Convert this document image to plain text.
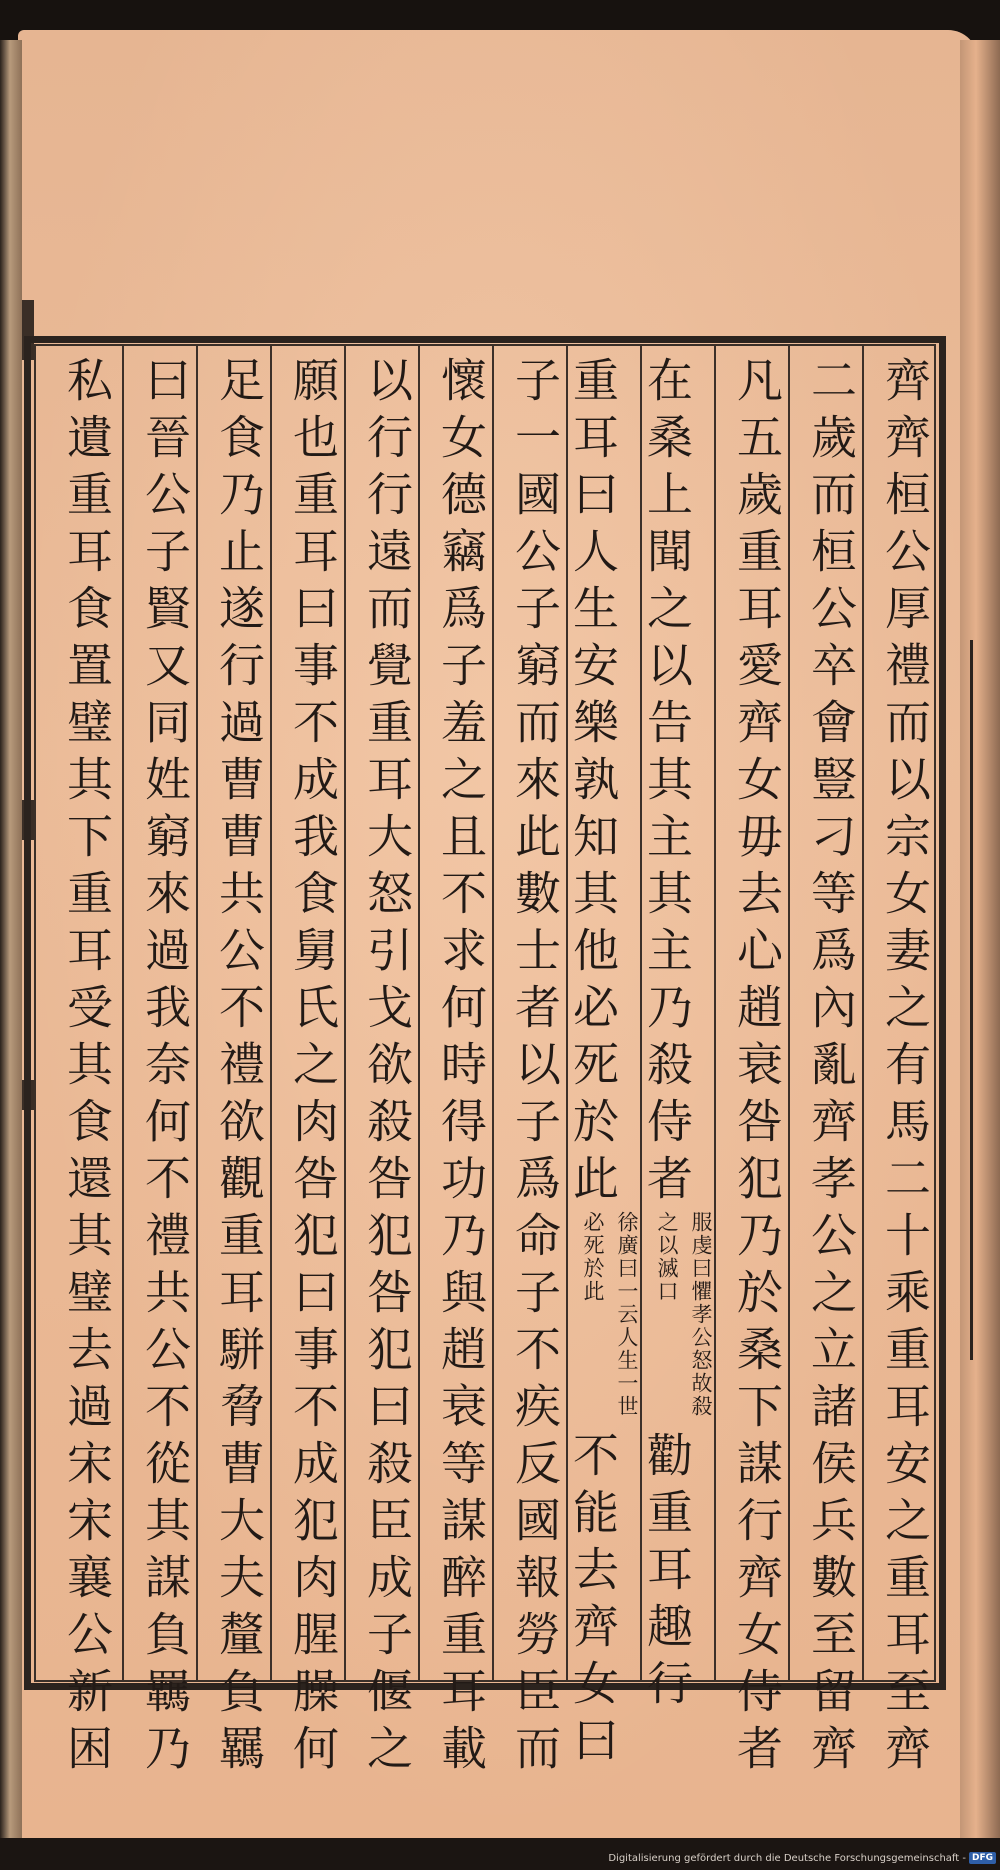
齊齊桓公厚禮而以宗女妻之有馬二十乘重耳安之重耳至齊
二歲而桓公卒會豎刁等爲內亂齊孝公之立諸侯兵數至留齊
凡五歲重耳愛齊女毋去心趙衰咎犯乃於桑下謀行齊女侍者
在桑上聞之以告其主其主乃殺侍者服虔曰懼孝公怒故殺之以滅口勸重耳趣行
重耳曰人生安樂孰知其他必死於此徐廣曰一云人生一世必死於此不能去齊女曰
子一國公子窮而來此數士者以子爲命子不疾反國報勞臣而
懷女德竊爲子羞之且不求何時得功乃與趙衰等謀醉重耳載
以行行遠而覺重耳大怒引戈欲殺咎犯咎犯曰殺臣成子偃之
願也重耳曰事不成我食舅氏之肉咎犯曰事不成犯肉腥臊何
足食乃止遂行過曹曹共公不禮欲觀重耳駢脅曹大夫釐負羈
曰晉公子賢又同姓窮來過我奈何不禮共公不從其謀負羈乃
私遺重耳食置璧其下重耳受其食還其璧去過宋宋襄公新困
Digitalisierung gefördert durch die Deutsche Forschungsgemeinschaft - DFG
